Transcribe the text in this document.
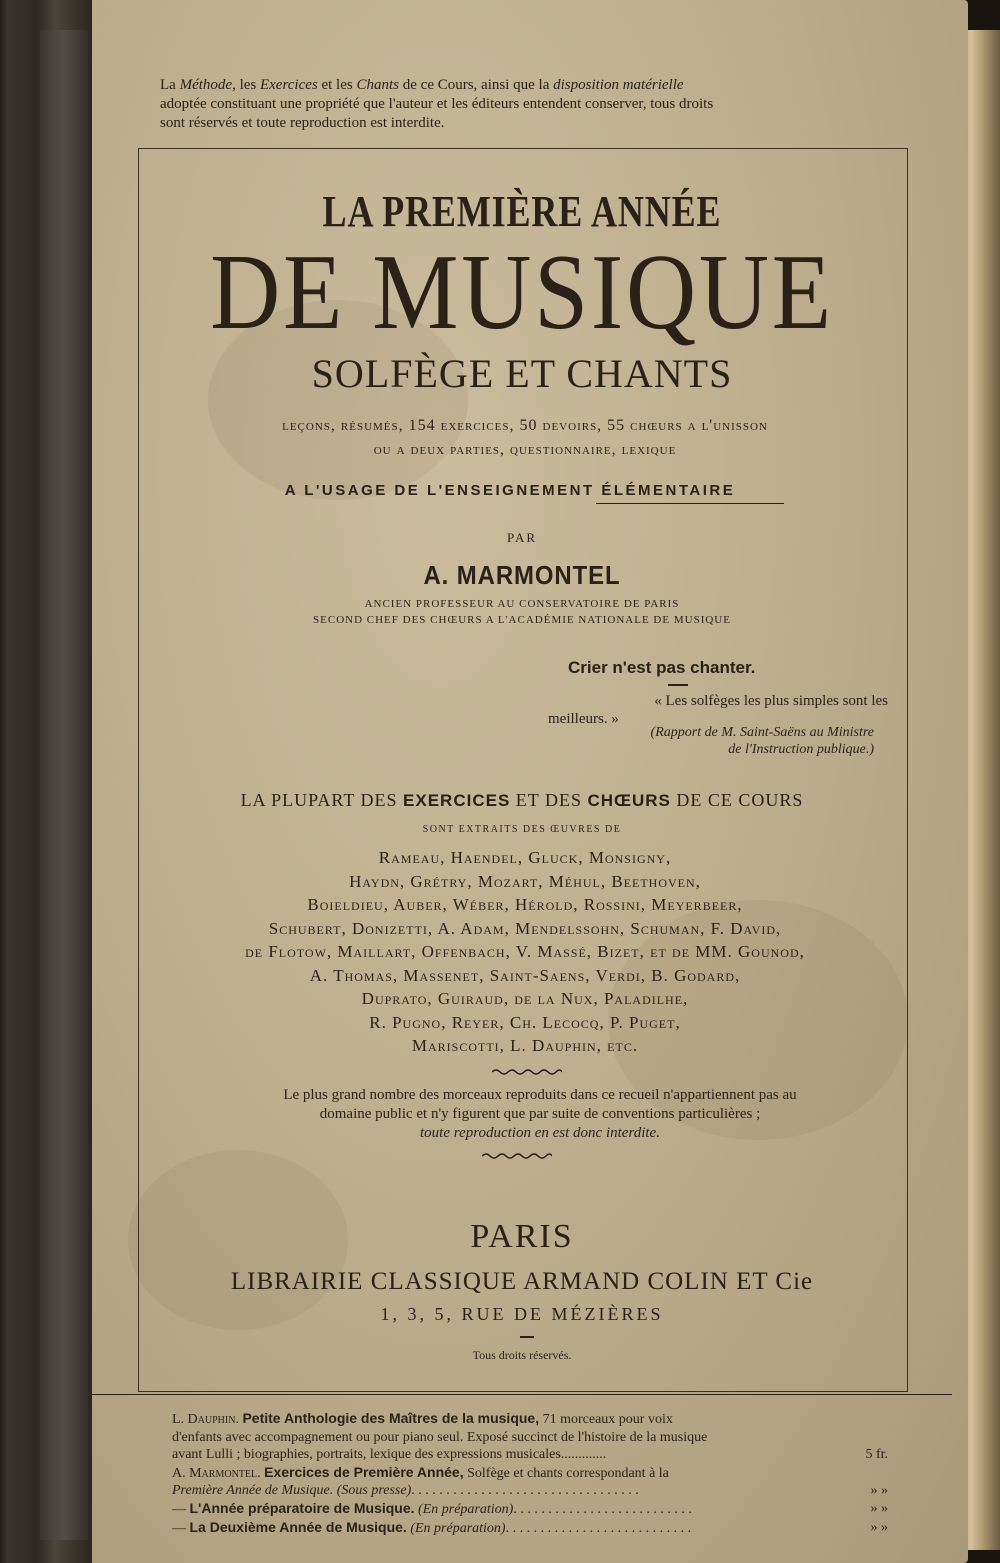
La Méthode, les Exercices et les Chants de ce Cours, ainsi que la disposition matérielle
adoptée constituant une propriété que l'auteur et les éditeurs entendent conserver, tous droits
sont réservés et toute reproduction est interdite.
LA PREMIÈRE ANNÉE
DE MUSIQUE
SOLFÈGE ET CHANTS
leçons, résumés, 154 exercices, 50 devoirs, 55 chœurs a l'unisson
ou a deux parties, questionnaire, lexique
A L'USAGE DE L'ENSEIGNEMENT ÉLÉMENTAIRE
PAR
A. MARMONTEL
ANCIEN PROFESSEUR AU CONSERVATOIRE DE PARIS
SECOND CHEF DES CHŒURS A L'ACADÉMIE NATIONALE DE MUSIQUE
Crier n'est pas chanter.
« Les solfèges les plus simples sont les
meilleurs. »
(Rapport de M. Saint-Saëns au Ministre
de l'Instruction publique.)
LA PLUPART DES EXERCICES ET DES CHŒURS DE CE COURS
SONT EXTRAITS DES ŒUVRES DE
Rameau, Haendel, Gluck, Monsigny,
Haydn, Grétry, Mozart, Méhul, Beethoven,
Boieldieu, Auber, Wéber, Hérold, Rossini, Meyerbeer,
Schubert, Donizetti, A. Adam, Mendelssohn, Schuman, F. David,
de Flotow, Maillart, Offenbach, V. Massé, Bizet, et de MM. Gounod,
A. Thomas, Massenet, Saint-Saens, Verdi, B. Godard,
Duprato, Guiraud, de la Nux, Paladilhe,
R. Pugno, Reyer, Ch. Lecocq, P. Puget,
Mariscotti, L. Dauphin, etc.
Le plus grand nombre des morceaux reproduits dans ce recueil n'appartiennent pas au
domaine public et n'y figurent que par suite de conventions particulières ;
toute reproduction en est donc interdite.
PARIS
LIBRAIRIE CLASSIQUE ARMAND COLIN ET Cie
1, 3, 5, RUE DE MÉZIÈRES
Tous droits réservés.
L. Dauphin. Petite Anthologie des Maîtres de la musique, 71 morceaux pour voix
d'enfants avec accompagnement ou pour piano seul. Exposé succinct de l'histoire de la musique
avant Lulli ; biographies, portraits, lexique des expressions musicales.............	5 fr.
A. Marmontel. Exercices de Première Année, Solfège et chants correspondant à la
Première Année de Musique. (Sous presse). . . . . . . . . . . . . . . . . . . . . . . . . . . . . . . . .	» »
— L'Année préparatoire de Musique. (En préparation). . . . . . . . . . . . . . . . . . . . . . . . . .	» »
— La Deuxième Année de Musique. (En préparation). . . . . . . . . . . . . . . . . . . . . . . . . . .	» »
